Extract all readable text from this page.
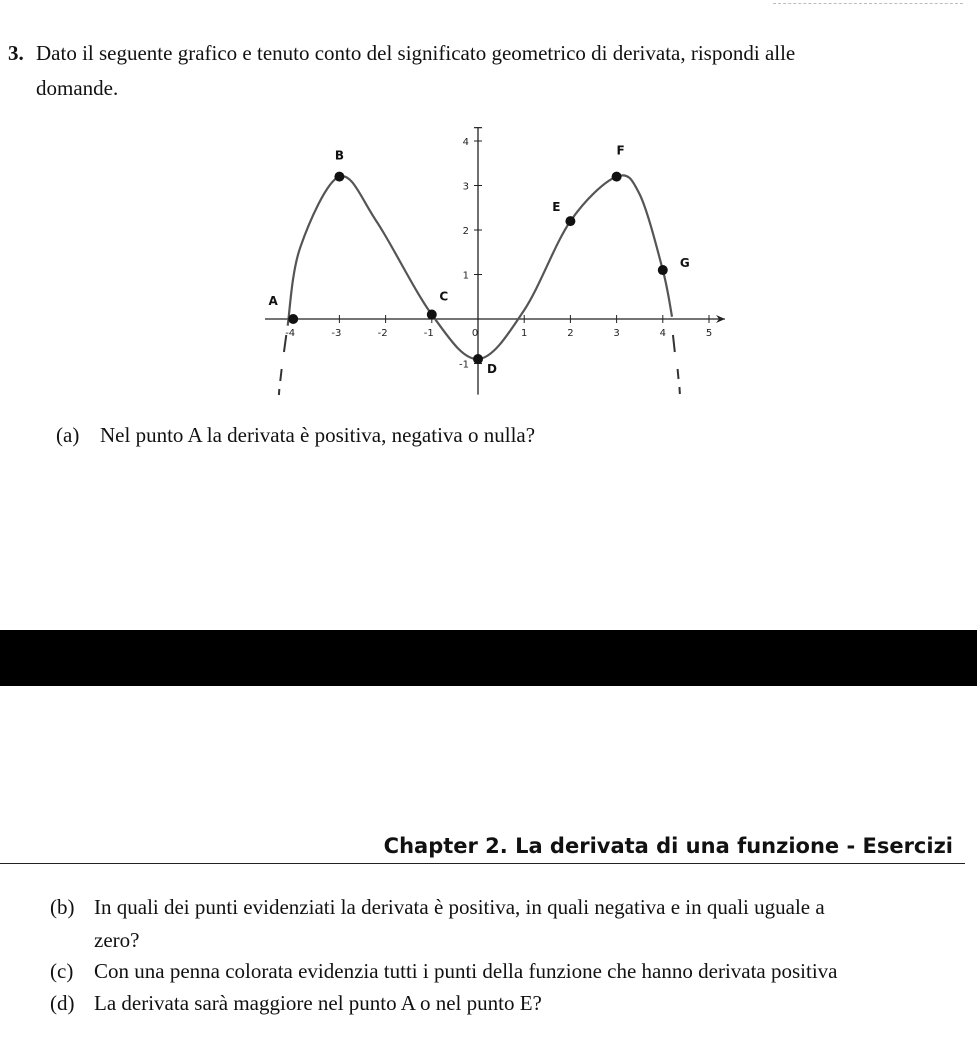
3. Dato il seguente grafico e tenuto conto del significato geometrico di derivata, rispondi alle
domande.
-4	-3	-2	-1	0	1	2	3	4	5
4
3
2
1
-1
A
B
C
D
E
F
G
(a) Nel punto A la derivata è positiva, negativa o nulla?
Chapter 2. La derivata di una funzione - Esercizi
(b) In quali dei punti evidenziati la derivata è positiva, in quali negativa e in quali uguale a
zero?
(c) Con una penna colorata evidenzia tutti i punti della funzione che hanno derivata positiva
(d) La derivata sarà maggiore nel punto A o nel punto E?
